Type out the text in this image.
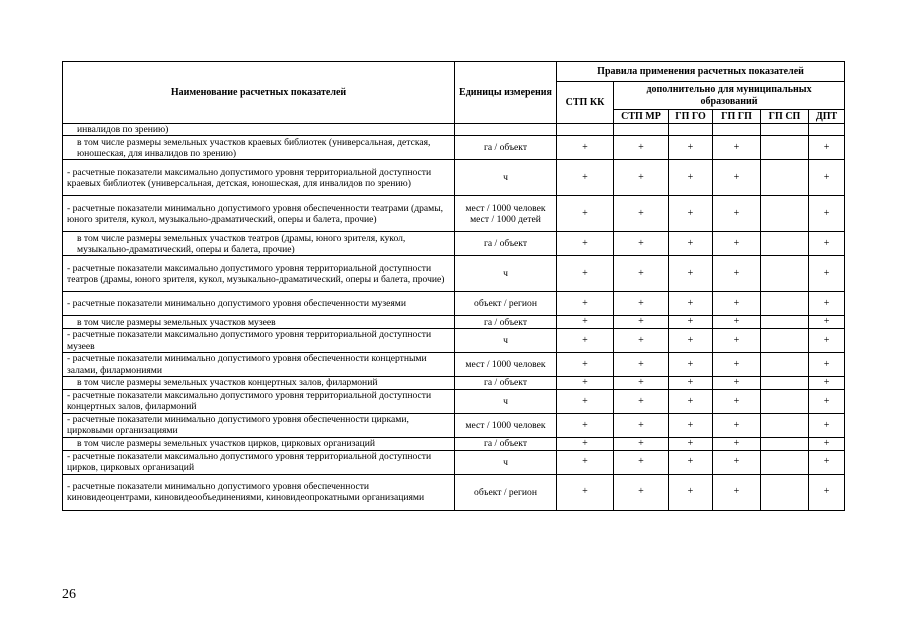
Наименование расчетных показателей	Единицы измерения	Правила применения расчетных показателей					
		СТП КК	дополнительно для муниципальных образований				
			СТП МР	ГП ГО	ГП ГП	ГП СП	ДПТ
инвалидов по зрению)							
в том числе размеры земельных участков краевых библиотек (универсальная, детская, юношеская, для инвалидов по зрению)	га / объект	+	+	+	+		+
- расчетные показатели максимально допустимого уровня территориальной доступности краевых библиотек (универсальная, детская, юношеская, для инвалидов по зрению)	ч	+	+	+	+		+
- расчетные показатели минимально допустимого уровня обеспеченности театрами (драмы, юного зрителя, кукол, музыкально-драматический, оперы и балета, прочие)	мест / 1000 человек мест / 1000 детей	+	+	+	+		+
в том числе размеры земельных участков театров (драмы, юного зрителя, кукол, музыкально-драматический, оперы и балета, прочие)	га / объект	+	+	+	+		+
- расчетные показатели максимально допустимого уровня территориальной доступности театров (драмы, юного зрителя, кукол, музыкально-драматический, оперы и балета, прочие)	ч	+	+	+	+		+
- расчетные показатели минимально допустимого уровня обеспеченности музеями	объект / регион	+	+	+	+		+
в том числе размеры земельных участков музеев	га / объект	+	+	+	+		+
- расчетные показатели максимально допустимого уровня территориальной доступности музеев	ч	+	+	+	+		+
- расчетные показатели минимально допустимого уровня обеспеченности концертными залами, филармониями	мест / 1000 человек	+	+	+	+		+
в том числе размеры земельных участков концертных залов, филармоний	га / объект	+	+	+	+		+
- расчетные показатели максимально допустимого уровня территориальной доступности концертных залов, филармоний	ч	+	+	+	+		+
- расчетные показатели минимально допустимого уровня обеспеченности цирками, цирковыми организациями	мест / 1000 человек	+	+	+	+		+
в том числе размеры земельных участков цирков, цирковых организаций	га / объект	+	+	+	+		+
- расчетные показатели максимально допустимого уровня территориальной доступности цирков, цирковых организаций	ч	+	+	+	+		+
- расчетные показатели минимально допустимого уровня обеспеченности киновидеоцентрами, киновидеообъединениями, киновидеопрокатными организациями	объект / регион	+	+	+	+		+
26
